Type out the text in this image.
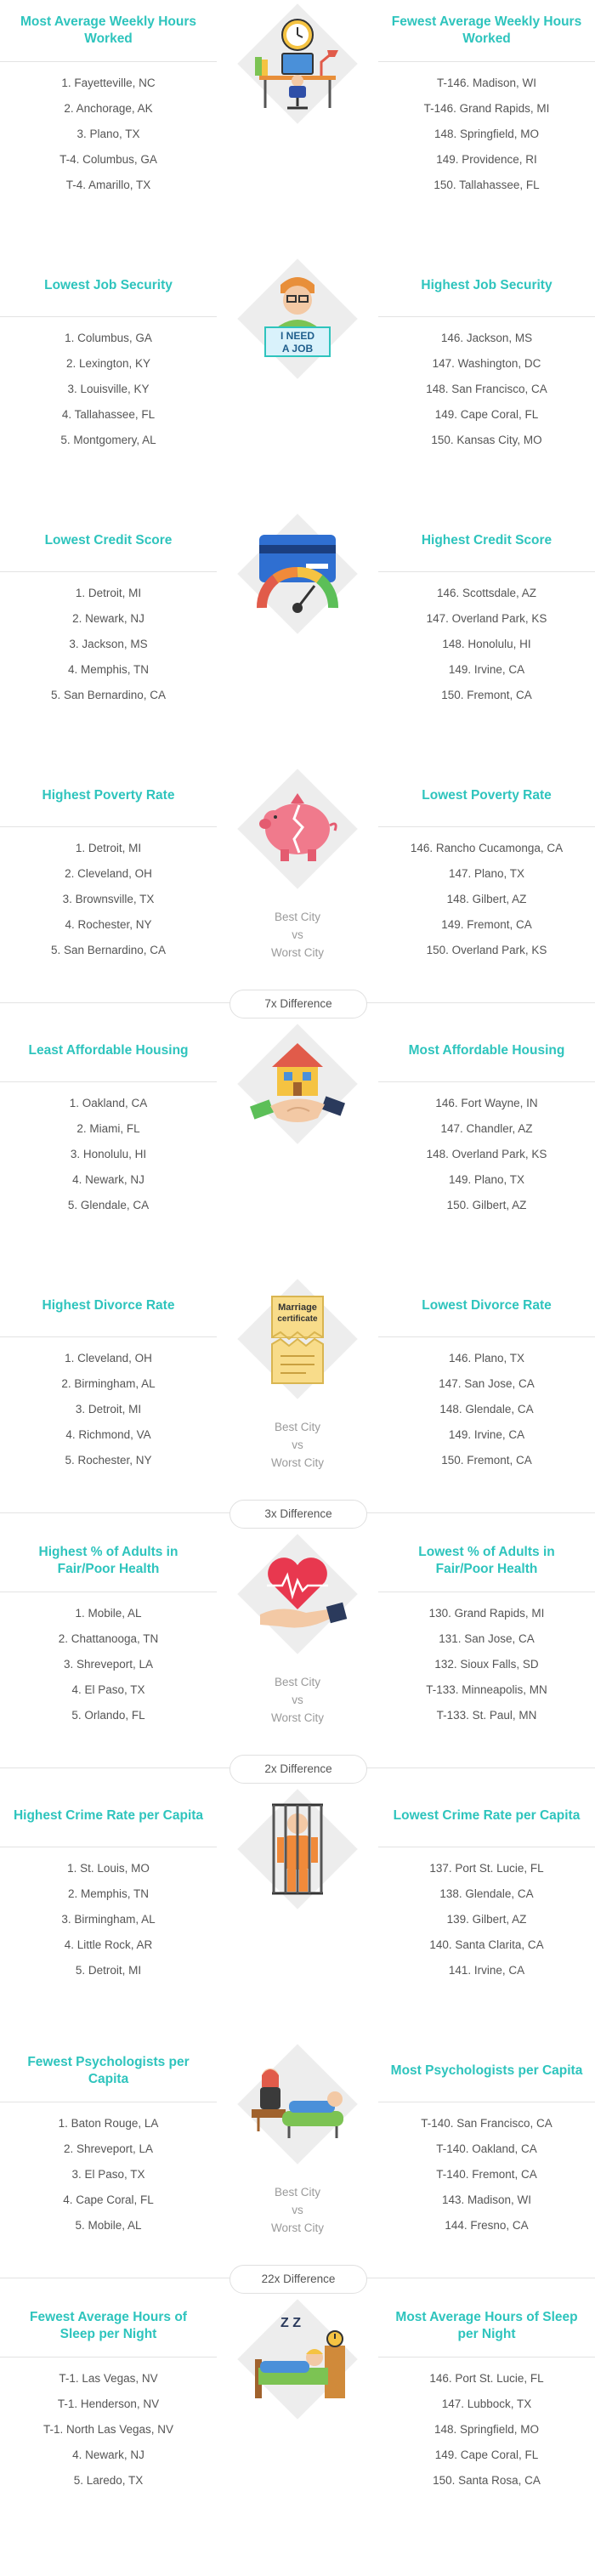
Most Average Weekly Hours Worked
1. Fayetteville, NC
2. Anchorage, AK
3. Plano, TX
T-4. Columbus, GA
T-4. Amarillo, TX
Fewest Average Weekly Hours Worked
T-146. Madison, WI
T-146. Grand Rapids, MI
148. Springfield, MO
149. Providence, RI
150. Tallahassee, FL
Lowest Job Security
1. Columbus, GA
2. Lexington, KY
3. Louisville, KY
4. Tallahassee, FL
5. Montgomery, AL
I NEED
A JOB
Highest Job Security
146. Jackson, MS
147. Washington, DC
148. San Francisco, CA
149. Cape Coral, FL
150. Kansas City, MO
Lowest Credit Score
1. Detroit, MI
2. Newark, NJ
3. Jackson, MS
4. Memphis, TN
5. San Bernardino, CA
Highest Credit Score
146. Scottsdale, AZ
147. Overland Park, KS
148. Honolulu, HI
149. Irvine, CA
150. Fremont, CA
Highest Poverty Rate
1. Detroit, MI
2. Cleveland, OH
3. Brownsville, TX
4. Rochester, NY
5. San Bernardino, CA
Best City
vs
Worst City
Lowest Poverty Rate
146. Rancho Cucamonga, CA
147. Plano, TX
148. Gilbert, AZ
149. Fremont, CA
150. Overland Park, KS
7x Difference
Least Affordable Housing
1. Oakland, CA
2. Miami, FL
3. Honolulu, HI
4. Newark, NJ
5. Glendale, CA
Most Affordable Housing
146. Fort Wayne, IN
147. Chandler, AZ
148. Overland Park, KS
149. Plano, TX
150. Gilbert, AZ
Highest Divorce Rate
1. Cleveland, OH
2. Birmingham, AL
3. Detroit, MI
4. Richmond, VA
5. Rochester, NY
Marriage
certificate
Best City
vs
Worst City
Lowest Divorce Rate
146. Plano, TX
147. San Jose, CA
148. Glendale, CA
149. Irvine, CA
150. Fremont, CA
3x Difference
Highest % of Adults in Fair/Poor Health
1. Mobile, AL
2. Chattanooga, TN
3. Shreveport, LA
4. El Paso, TX
5. Orlando, FL
Best City
vs
Worst City
Lowest % of Adults in Fair/Poor Health
130. Grand Rapids, MI
131. San Jose, CA
132. Sioux Falls, SD
T-133. Minneapolis, MN
T-133. St. Paul, MN
2x Difference
Highest Crime Rate per Capita
1. St. Louis, MO
2. Memphis, TN
3. Birmingham, AL
4. Little Rock, AR
5. Detroit, MI
Lowest Crime Rate per Capita
137. Port St. Lucie, FL
138. Glendale, CA
139. Gilbert, AZ
140. Santa Clarita, CA
141. Irvine, CA
Fewest Psychologists per Capita
1. Baton Rouge, LA
2. Shreveport, LA
3. El Paso, TX
4. Cape Coral, FL
5. Mobile, AL
Best City
vs
Worst City
Most Psychologists per Capita
T-140. San Francisco, CA
T-140. Oakland, CA
T-140. Fremont, CA
143. Madison, WI
144. Fresno, CA
22x Difference
Fewest Average Hours of Sleep per Night
T-1. Las Vegas, NV
T-1. Henderson, NV
T-1. North Las Vegas, NV
4. Newark, NJ
5. Laredo, TX
Z Z	Most Average Hours of Sleep per Night
146. Port St. Lucie, FL
147. Lubbock, TX
148. Springfield, MO
149. Cape Coral, FL
150. Santa Rosa, CA
